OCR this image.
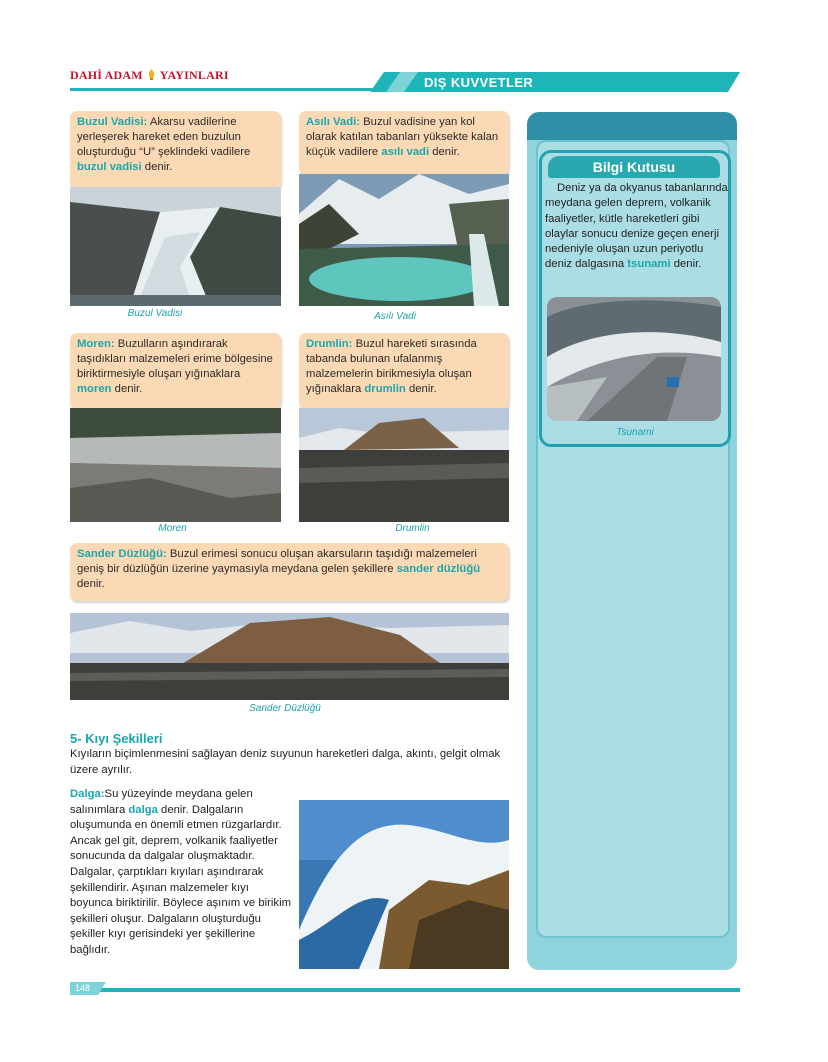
DAHİ ADAM YAYINLARI	DIŞ KUVVETLER
Buzul Vadisi: Akarsu vadilerine yerleşerek hareket eden buzulun oluşturduğu “U” şeklindeki vadilere buzul vadisi denir.
Buzul Vadisi
Asılı Vadi: Buzul vadisine yan kol olarak katılan tabanları yüksekte kalan küçük vadilere asılı vadi denir.
Asılı Vadi
Moren: Buzulların aşındırarak taşıdıkları malzemeleri erime bölgesine biriktirmesiyle oluşan yığınaklara moren denir.
Moren
Drumlin: Buzul hareketi sırasında tabanda bulunan ufalanmış malzemelerin birikmesiyla oluşan yığınaklara drumlin denir.
Drumlin
Sander Düzlüğü: Buzul erimesi sonucu oluşan akarsuların taşıdığı malzemeleri geniş bir düzlüğün üzerine yaymasıyla meydana gelen şekillere sander düzlüğü denir.
Sander Düzlüğü
Bilgi Kutusu
Deniz ya da okyanus tabanlarında meydana gelen deprem, volkanik faaliyetler, kütle hareketleri gibi olaylar sonucu denize geçen enerji nedeniyle oluşan uzun periyotlu deniz dalgasına tsunami denir.
Tsunami
5- Kıyı Şekilleri
Kıyıların biçimlenmesini sağlayan deniz suyunun hareketleri dalga, akıntı, gelgit olmak üzere ayrılır.
Dalga:Su yüzeyinde meydana gelen salınımlara dalga denir. Dalgaların oluşumunda en önemli etmen rüzgarlardır. Ancak gel git, deprem, volkanik faaliyetler sonucunda da dalgalar oluşmaktadır. Dalgalar, çarptıkları kıyıları aşındırarak şekillendirir. Aşınan malzemeler kıyı boyunca biriktirilir. Böylece aşınım ve birikim şekilleri oluşur. Dalgaların oluşturduğu şekiller kıyı gerisindeki yer şekillerine bağlıdır.
148
